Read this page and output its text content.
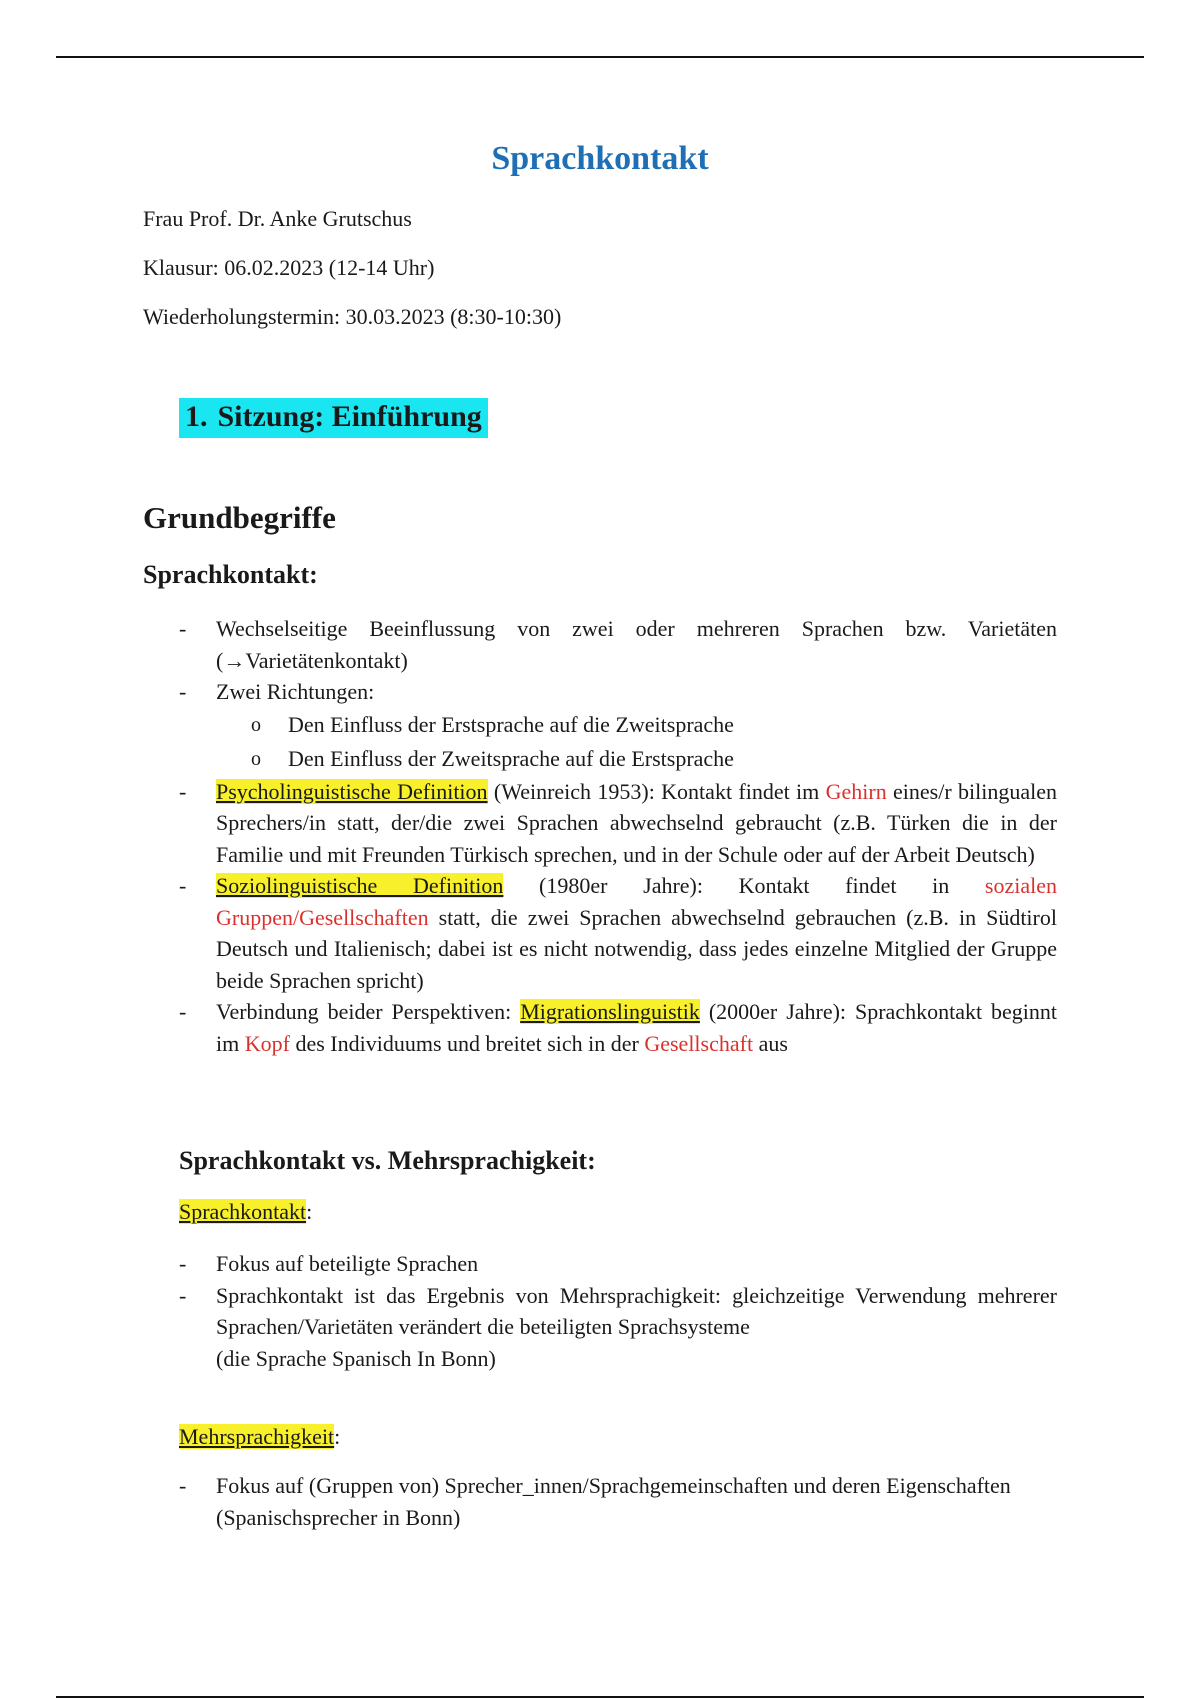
Sprachkontakt
Frau Prof. Dr. Anke Grutschus
Klausur: 06.02.2023 (12-14 Uhr)
Wiederholungstermin: 30.03.2023 (8:30-10:30)
1. Sitzung: Einführung
Grundbegriffe
Sprachkontakt:
- Wechselseitige Beeinflussung von zwei oder mehreren Sprachen bzw. Varietäten (→Varietätenkontakt)
- Zwei Richtungen:
o Den Einfluss der Erstsprache auf die Zweitsprache
o Den Einfluss der Zweitsprache auf die Erstsprache
- Psycholinguistische Definition (Weinreich 1953): Kontakt findet im Gehirn eines/r bilingualen Sprechers/in statt, der/die zwei Sprachen abwechselnd gebraucht (z.B. Türken die in der Familie und mit Freunden Türkisch sprechen, und in der Schule oder auf der Arbeit Deutsch)
- Soziolinguistische Definition (1980er Jahre): Kontakt findet in sozialen Gruppen/Gesellschaften statt, die zwei Sprachen abwechselnd gebrauchen (z.B. in Südtirol Deutsch und Italienisch; dabei ist es nicht notwendig, dass jedes einzelne Mitglied der Gruppe beide Sprachen spricht)
- Verbindung beider Perspektiven: Migrationslinguistik (2000er Jahre): Sprachkontakt beginnt im Kopf des Individuums und breitet sich in der Gesellschaft aus
Sprachkontakt vs. Mehrsprachigkeit:
Sprachkontakt:
- Fokus auf beteiligte Sprachen
- Sprachkontakt ist das Ergebnis von Mehrsprachigkeit: gleichzeitige Verwendung mehrerer Sprachen/Varietäten verändert die beteiligten Sprachsysteme
(die Sprache Spanisch In Bonn)
Mehrsprachigkeit:
- Fokus auf (Gruppen von) Sprecher_innen/Sprachgemeinschaften und deren Eigenschaften
(Spanischsprecher in Bonn)
